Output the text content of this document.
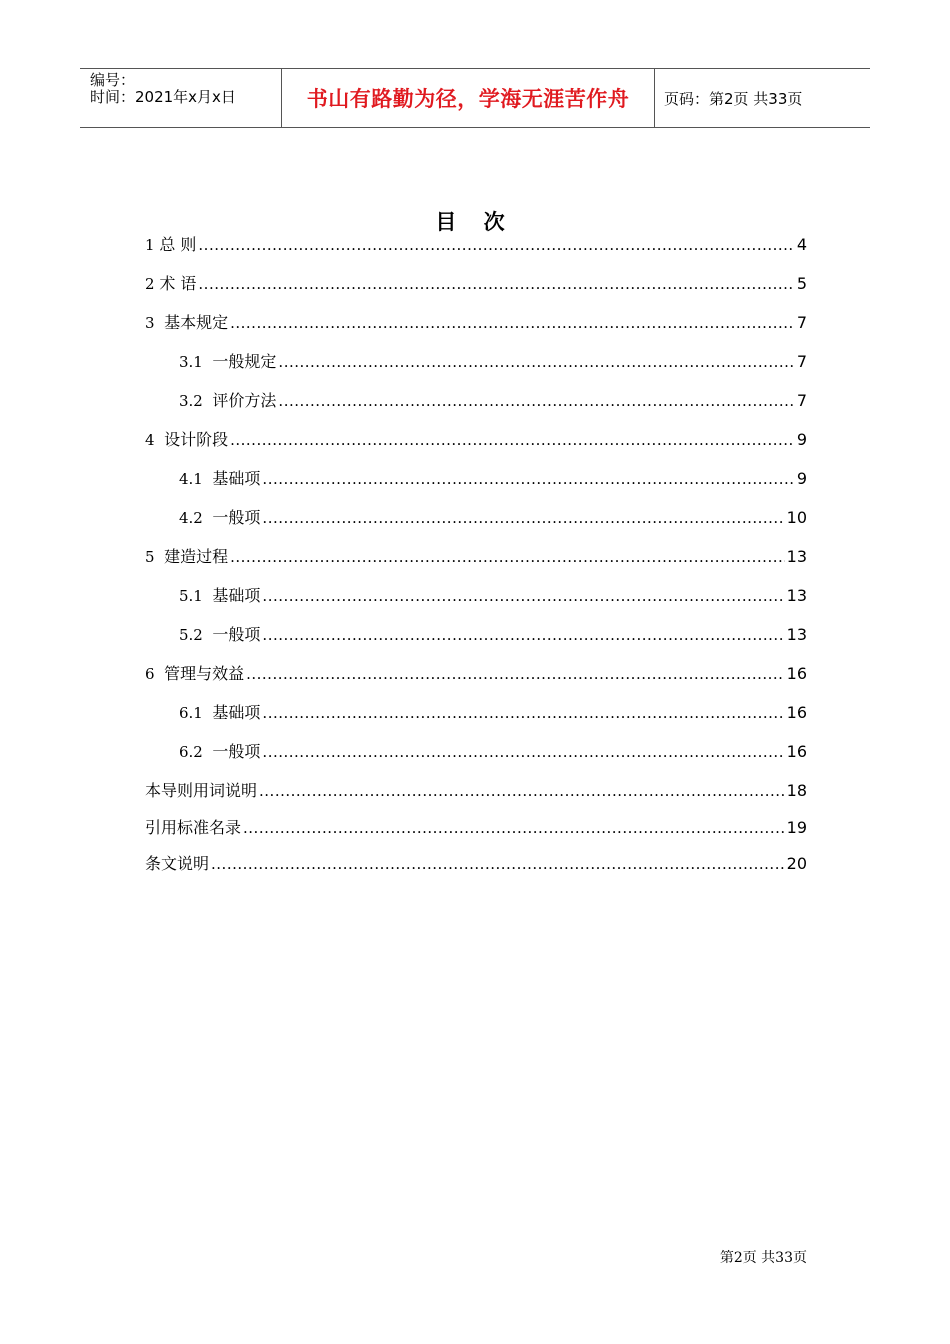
编号：
时间：2021年x月x日	书山有路勤为径，学海无涯苦作舟	页码：第2页 共33页
目 次
1 总 则 .....	4
2 术 语 .....	5
3 基本规定 .....	7
3.1 一般规定 .....	7
3.2 评价方法 .....	7
4 设计阶段 .....	9
4.1 基础项 .....	9
4.2 一般项 .....	10
5 建造过程 .....	13
5.1 基础项 .....	13
5.2 一般项 .....	13
6 管理与效益 .....	16
6.1 基础项 .....	16
6.2 一般项 .....	16
本导则用词说明 .....	18
引用标准名录 .....	19
条文说明 .....	20
第2页 共33页
